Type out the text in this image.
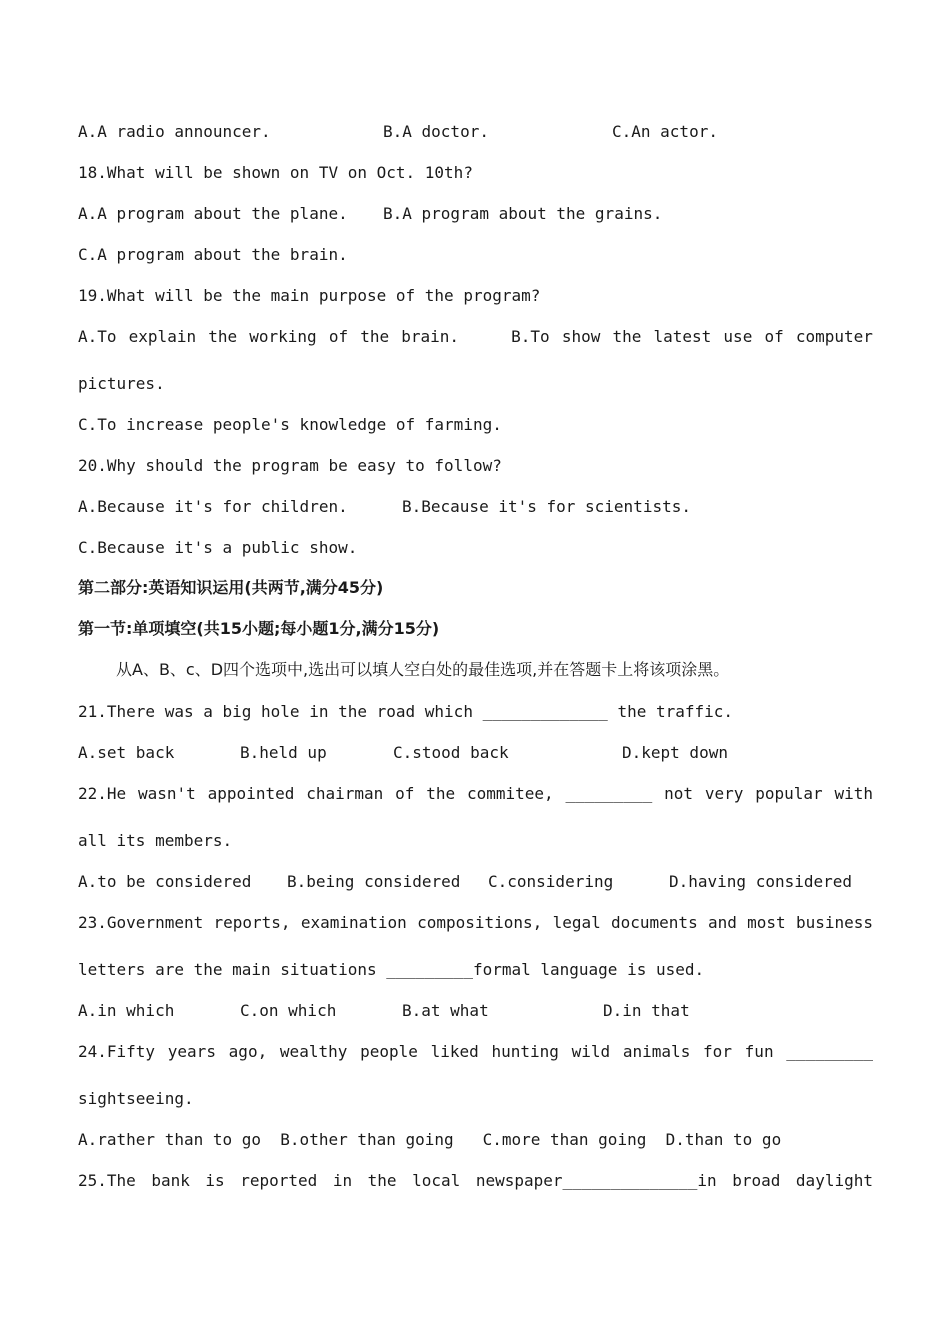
A.A radio announcer.	B.A doctor.	C.An actor.
18.What will be shown on TV on Oct. 10th?
A.A program about the plane. B.A program about the grains.
C.A program about the brain.
19.What will be the main purpose of the program?
A.To explain the working of the brain.	B.To show the latest use of computer
pictures.
C.To increase people's knowledge of farming.
20.Why should the program be easy to follow?
A.Because it's for children.	B.Because it's for scientists.
C.Because it's a public show.
第二部分:英语知识运用(共两节,满分45分)
第一节:单项填空(共15小题;每小题1分,满分15分)
从A、B、c、D四个选项中,选出可以填人空白处的最佳选项,并在答题卡上将该项涂黑。
21.There was a big hole in the road which _____________ the traffic.
A.set back	B.held up	C.stood back	D.kept down
22.He wasn't appointed chairman of the commitee, _________ not very popular with
all its members.
A.to be considered B.being considered C.considering	D.having considered
23.Government reports, examination compositions, legal documents and most business
letters are the main situations _________formal language is used.
A.in which	C.on which	B.at what	D.in that
24.Fifty years ago, wealthy people liked hunting wild animals for fun _________
sightseeing.
A.rather than to go  B.other than going   C.more than going  D.than to go
25.The bank is reported in the local newspaper______________in broad daylight
